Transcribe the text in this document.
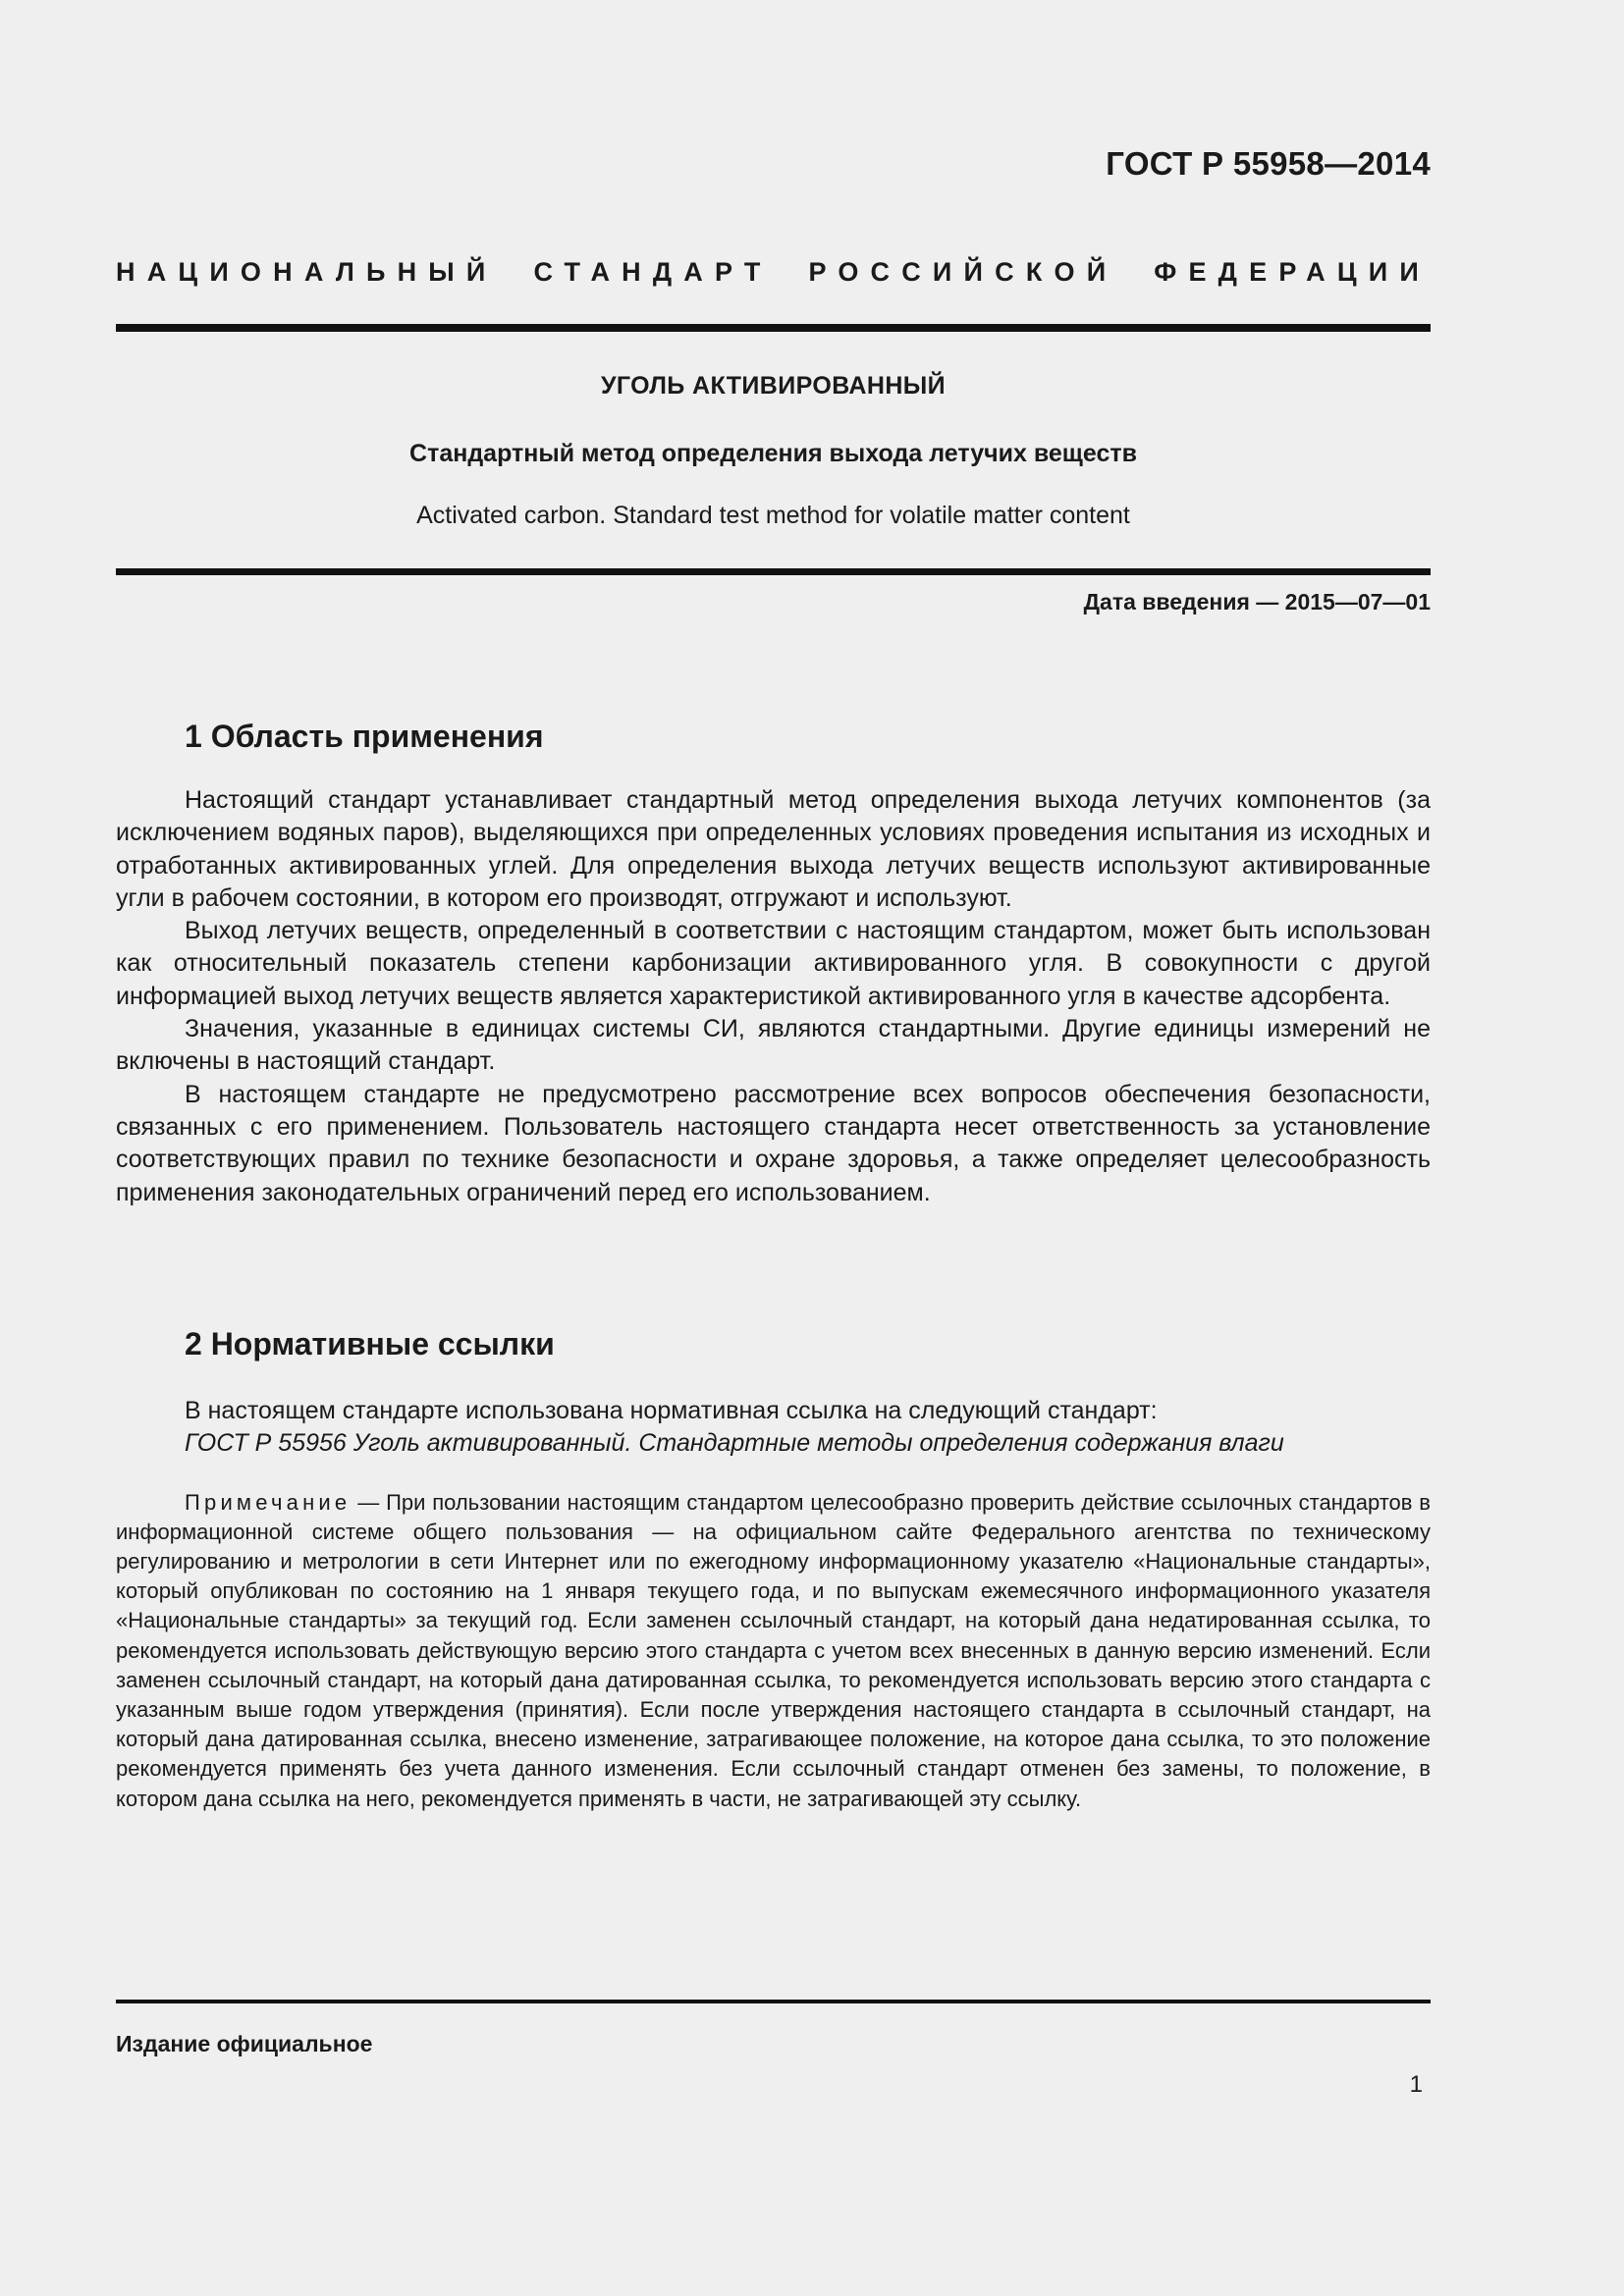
ГОСТ Р 55958—2014
НАЦИОНАЛЬНЫЙ СТАНДАРТ РОССИЙСКОЙ ФЕДЕРАЦИИ
УГОЛЬ АКТИВИРОВАННЫЙ
Стандартный метод определения выхода летучих веществ
Activated carbon. Standard test method for volatile matter content
Дата введения — 2015—07—01
1 Область применения

Настоящий стандарт устанавливает стандартный метод определения выхода летучих компонентов (за исключением водяных паров), выделяющихся при определенных условиях проведения испытания из исходных и отработанных активированных углей. Для определения выхода летучих веществ используют активированные угли в рабочем состоянии, в котором его производят, отгружают и используют.

Выход летучих веществ, определенный в соответствии с настоящим стандартом, может быть использован как относительный показатель степени карбонизации активированного угля. В совокупности с другой информацией выход летучих веществ является характеристикой активированного угля в качестве адсорбента.

Значения, указанные в единицах системы СИ, являются стандартными. Другие единицы измерений не включены в настоящий стандарт.

В настоящем стандарте не предусмотрено рассмотрение всех вопросов обеспечения безопасности, связанных с его применением. Пользователь настоящего стандарта несет ответственность за установление соответствующих правил по технике безопасности и охране здоровья, а также определяет целесообразность применения законодательных ограничений перед его использованием.

2 Нормативные ссылки

В настоящем стандарте использована нормативная ссылка на следующий стандарт:

ГОСТ Р 55956 Уголь активированный. Стандартные методы определения содержания влаги

Примечание — При пользовании настоящим стандартом целесообразно проверить действие ссылочных стандартов в информационной системе общего пользования — на официальном сайте Федерального агентства по техническому регулированию и метрологии в сети Интернет или по ежегодному информационному указателю «Национальные стандарты», который опубликован по состоянию на 1 января текущего года, и по выпускам ежемесячного информационного указателя «Национальные стандарты» за текущий год. Если заменен ссылочный стандарт, на который дана недатированная ссылка, то рекомендуется использовать действующую версию этого стандарта с учетом всех внесенных в данную версию изменений. Если заменен ссылочный стандарт, на который дана датированная ссылка, то рекомендуется использовать версию этого стандарта с указанным выше годом утверждения (принятия). Если после утверждения настоящего стандарта в ссылочный стандарт, на который дана датированная ссылка, внесено изменение, затрагивающее положение, на которое дана ссылка, то это положение рекомендуется применять без учета данного изменения. Если ссылочный стандарт отменен без замены, то положение, в котором дана ссылка на него, рекомендуется применять в части, не затрагивающей эту ссылку.

Издание официальное
1
